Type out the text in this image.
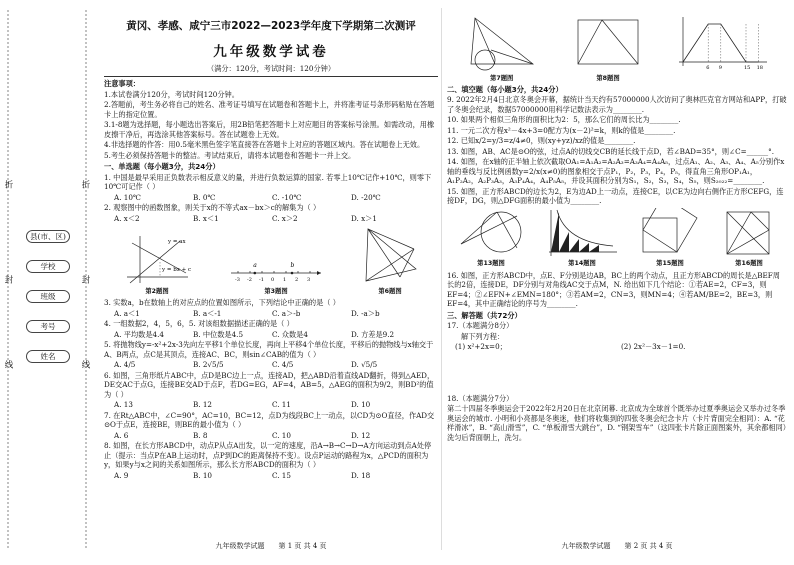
折
封
线
折
封
线
县(市、区)
学校
班级
考号
姓名
黄冈、孝感、咸宁三市2022—2023学年度下学期第二次测评
九年级数学试卷
（满分：120分，考试时间：120分钟）
注意事项：

1.本试卷满分120分，考试时间120分钟。

2.答题前，考生务必将自己的姓名、准考证号填写在试题卷和答题卡上，并将准考证号条形码粘贴在答题卡上的指定位置。

3.1-8题为选择题，每小题选出答案后，用2B铅笔把答题卡上对应题目的答案标号涂黑。如需改动，用橡皮擦干净后，再选涂其他答案标号。答在试题卷上无效。

4.非选择题的作答：用0.5毫米黑色签字笔直接答在答题卡上对应的答题区域内。答在试题卷上无效。

5.考生必须保持答题卡的整洁。考试结束后，请将本试题卷和答题卡一并上交。

一、单选题（每小题3分，共24分）

1. 中国是最早采用正负数表示相反意义的量，并进行负数运算的国家. 若零上10℃记作+10℃，则零下10℃可记作（ ）

A. 10℃	B. 0℃	C. -10℃	D. -20℃

2. 观察图中的函数图象，则关于x的不等式ax－bx＞c的解集为（ ）

A. x＜2	B. x＜1	C. x＞2	D. x＞1
y = ax
y = bx + c
第2题图
-3 -2 -1 0 1 2 3
a	b
第3题图	第6题图

3. 实数a，b在数轴上的对应点的位置如图所示，下列结论中正确的是（ ）

A. a＜1	B. a＜-1	C. a＞-b	D. -a＞b

4. 一组数据2，4，5，6，5. 对该组数据描述正确的是（ ）

A. 平均数是4.4	B. 中位数是4.5	C. 众数是4	D. 方差是9.2

5. 将抛物线y=-x²+2x-3先向左平移1个单位长度，再向上平移4个单位长度，平移后的抛物线与x轴交于A、B两点，点C是其顶点，连接AC、BC，则sin∠CAB的值为（ ）

A. 4/5	B. 2√5/5	C. 4/5	D. √5/5

6. 如图，三角形纸片ABC中，点D是BC边上一点，连接AD，把△ABD沿着直线AD翻折，得到△AED，DE交AC于点G，连接BE交AD于点F，若DG=EG，AF=4，AB=5，△AEG的面积为9/2，则BD²的值为（ ）

A. 13	B. 12	C. 11	D. 10

7. 在Rt△ABC中，∠C=90°，AC=10，BC=12，点D为线段BC上一动点，以CD为⊙O直径，作AD交⊙O于点E，连接BE，则BE的最小值为（ ）

A. 6	B. 8	C. 10	D. 12

8. 如图，在长方形ABCD中，动点P从点A出发，以一定的速度，沿A→B→C→D→A方向运动到点A处停止（提示：当点P在AB上运动时，点P到DC的距离保持不变）。设点P运动的路程为x，△PCD的面积为y，如果y与x之间的关系如图所示，那么长方形ABCD的面积为（ ）

A. 9	B. 10	C. 15	D. 18
九年级数学试题　　第 1 页 共 4 页
第7题图	第8题图
6 9	15 18
二、填空题（每小题3分，共24分）

9. 2022年2月4日北京冬奥会开幕，据统计当天约有57000000人次访问了奥林匹克官方网站和APP，打破了冬奥会纪录，数据57000000用科学记数法表示为________.

10. 如果两个相似三角形的面积比为2：5，那么它们的周长比为________.

11. 一元二次方程x²－4x+3=0配方为(x－2)²=k，则k的值是________.

12. 已知x/2=y/3=z/4≠0，则(xy+yz)/xz的值是________.

13. 如图，AB、AC是⊙O的弦，过点A的切线交CB的延长线于点D，若∠BAD=35°，则∠C=______°.

14. 如图，在x轴的正半轴上依次截取OA₁=A₁A₂=A₂A₃=A₃A₄=A₄A₅，过点A₁、A₂、A₃、A₄、A₅分别作x轴的垂线与反比例函数y=2/x(x≠0)的图象相交于点P₁，P₂，P₃，P₄，P₅，得直角三角形OP₁A₁，A₁P₂A₂，A₂P₃A₃，A₃P₄A₄，A₄P₅A₅，并设其面积分别为S₁，S₂，S₃，S₄，S₅，则S₂₀₂₂=________.

15. 如图，正方形ABCD的边长为2，E为边AD上一动点，连接CE，以CE为边向右侧作正方形CEFG，连接DF，DG，则△DFG面积的最小值为________.

第13题图	第14题图	第15题图	第16题图

16. 如图，正方形ABCD中，点E、F分别是边AB，BC上的两个动点，且正方形ABCD的周长是△BEF周长的2倍，连接DE，DF分别与对角线AC交于点M，N. 给出如下几个结论：①若AE=2，CF=3，则EF=4；②∠EFN+∠EMN=180°；③若AM=2，CN=3，则MN=4；④若AM/BE=2，BE=3，则EF=4，其中正确结论的序号为________.

三、解答题（共72分）

17.（本题满分8分）

解下列方程：

(1) x²+2x=0；	(2) 2x²－3x－1=0.

18.（本题满分7分）

第二十四届冬季奥运会于2022年2月20日在北京闭幕. 北京成为全球首个既举办过夏季奥运会又举办过冬季奥运会的城市. 小明和小亮都是冬奥迷，他们将收集到的四张冬奥会纪念卡片（卡片背面完全相同）：A. “花样滑冰”，B. “高山滑雪”，C. “单板滑雪大跳台”，D. “钢架雪车”（这四张卡片除正面图案外，其余都相同）洗匀后背面朝上，洗匀。

九年级数学试题　　第 2 页 共 4 页
